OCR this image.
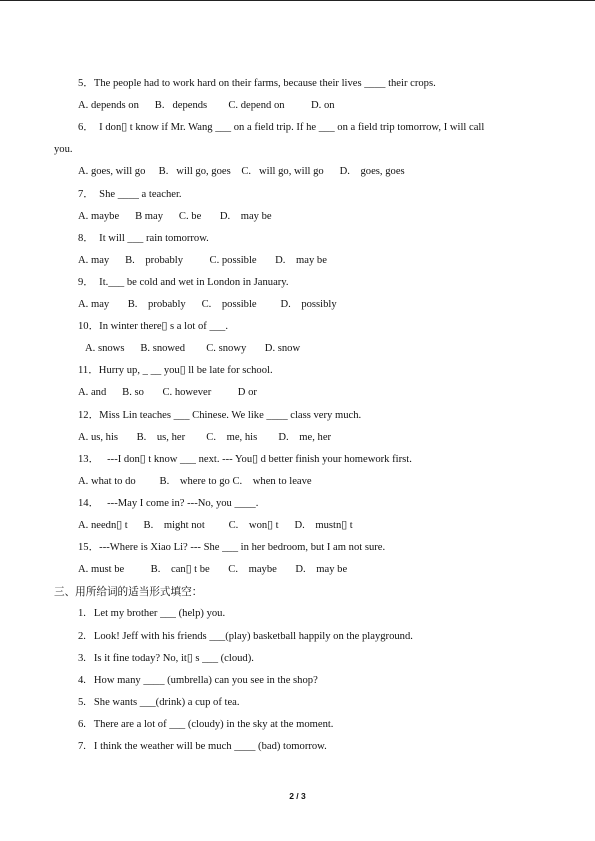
5．The people had to work hard on their farms, because their lives ____ their crops.
A. depends on      B.   depends        C. depend on          D. on
6．  I don▯ t know if Mr. Wang ___ on a field trip. If he ___ on a field trip tomorrow, I will call
you.
A. goes, will go     B.   will go, goes    C.   will go, will go      D.    goes, goes
7．  She ____ a teacher.
A. maybe      B may      C. be       D.    may be
8．  It will ___ rain tomorrow.
A. may      B.    probably          C. possible       D.    may be
9．  It.___ be cold and wet in London in January.
A. may       B.    probably      C.    possible         D.    possibly
10．In winter there▯ s a lot of ___.
A. snows      B. snowed        C. snowy       D. snow
11．Hurry up, _ __ you▯ ll be late for school.
A. and      B. so       C. however          D or
12．Miss Lin teaches ___ Chinese. We like ____ class very much.
A. us, his       B.    us, her        C.    me, his        D.    me, her
13．   ---I don▯ t know ___ next. --- You▯ d better finish your homework first.
A. what to do         B.    where to go C.    when to leave
14．   ---May I come in? ---No, you ____.
A. needn▯ t      B.    might not         C.    won▯ t      D.    mustn▯ t
15．---Where is Xiao Li? --- She ___ in her bedroom, but I am not sure.
A. must be          B.    can▯ t be       C.    maybe       D.    may be
三、用所给词的适当形式填空：
1.   Let my brother ___ (help) you.
2.   Look! Jeff with his friends ___(play) basketball happily on the playground.
3.   Is it fine today? No, it▯ s ___ (cloud).
4.   How many ____ (umbrella) can you see in the shop?
5.   She wants ___(drink) a cup of tea.
6.   There are a lot of ___ (cloudy) in the sky at the moment.
7.   I think the weather will be much ____ (bad) tomorrow.
2 / 3
